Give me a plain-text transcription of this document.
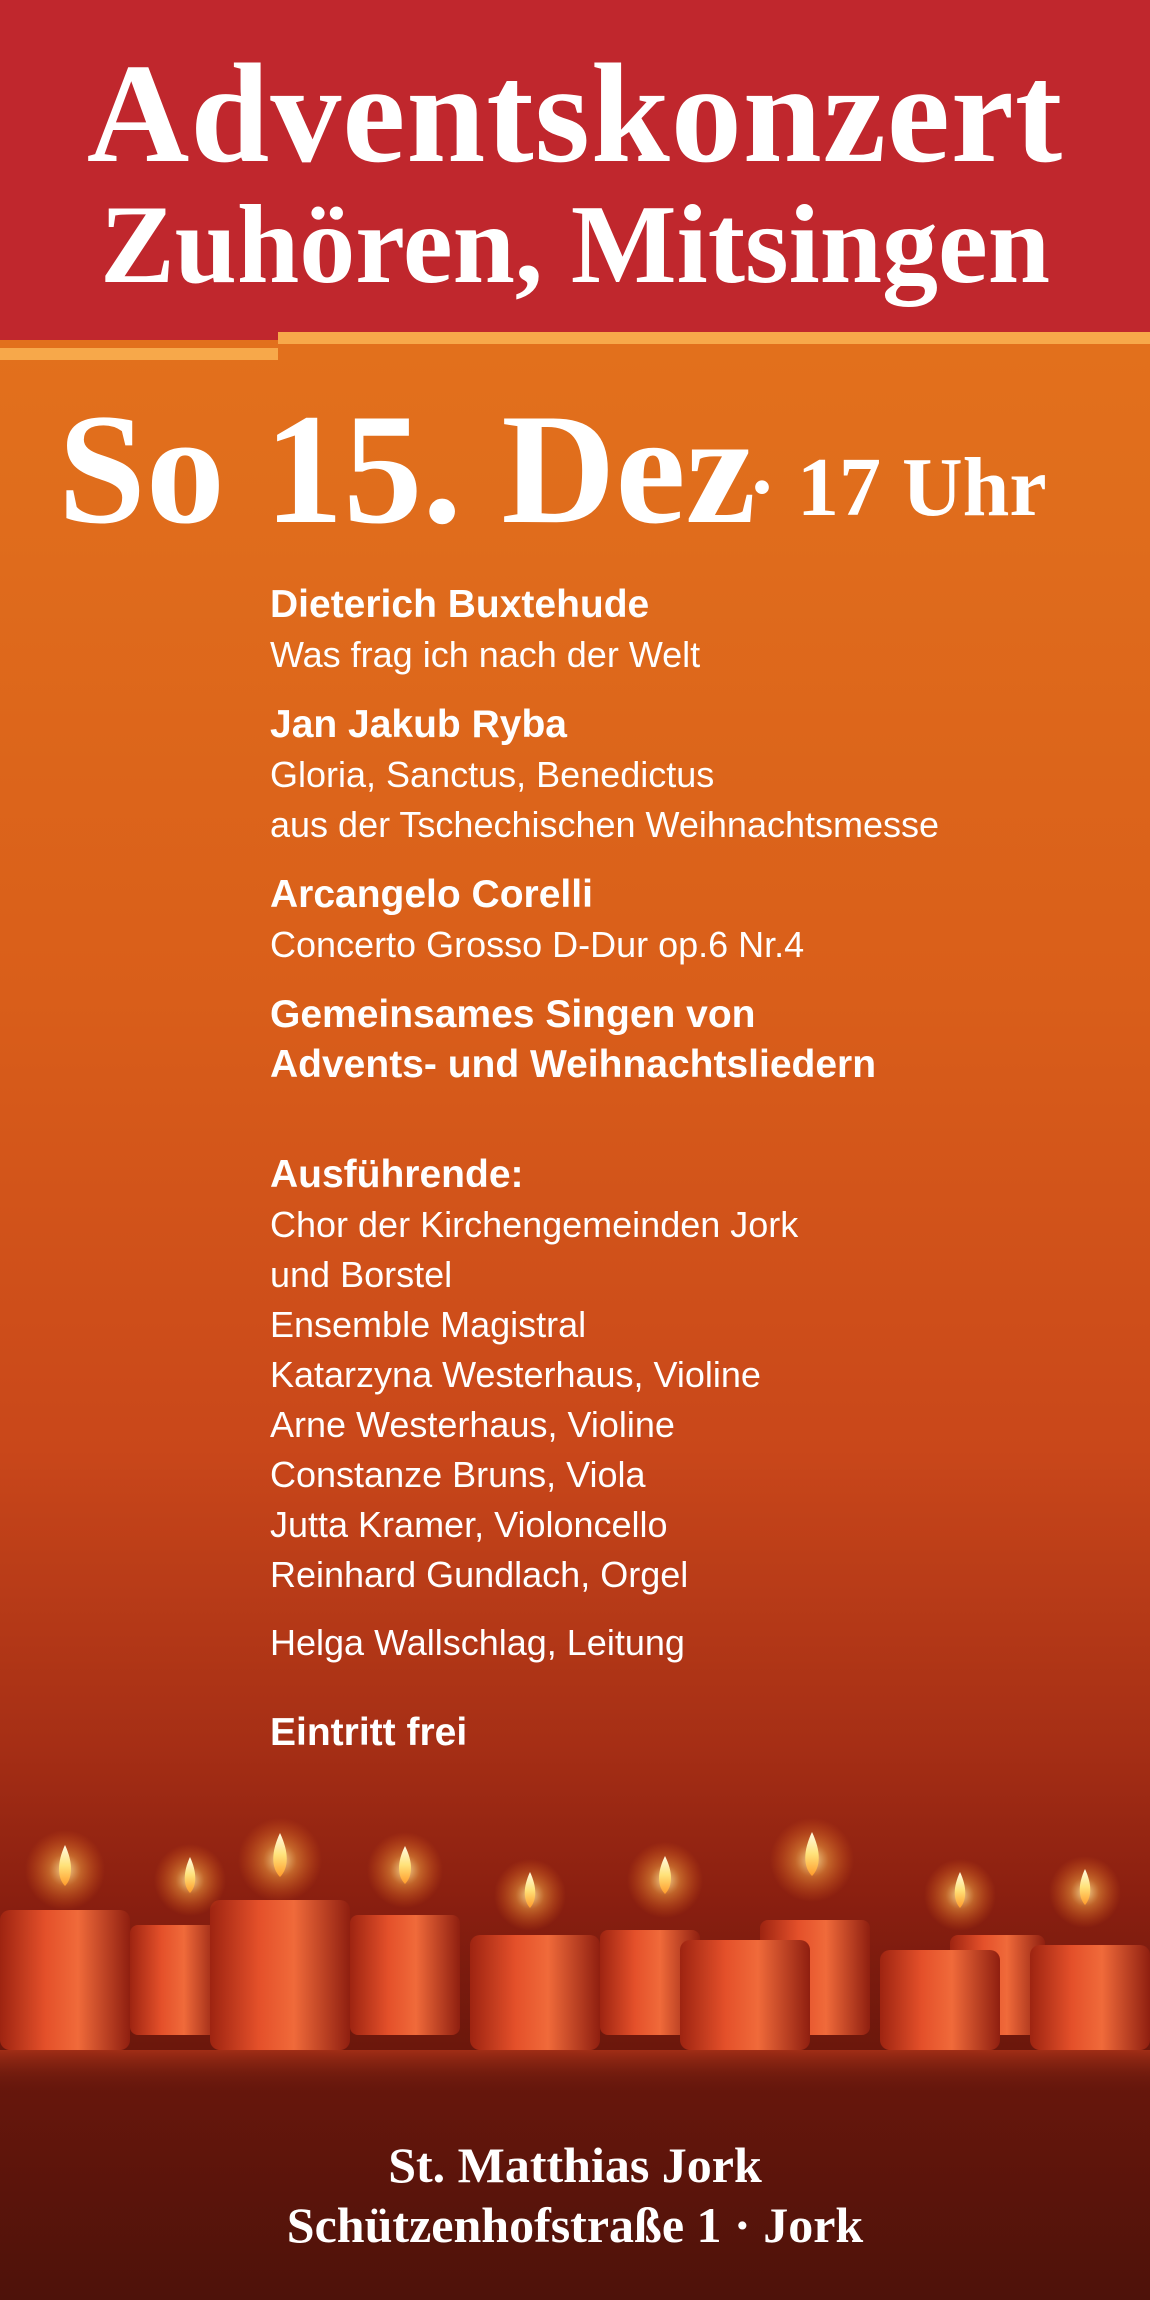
Adventskonzert
Zuhören, Mitsingen
So 15. Dez
· 17 Uhr

Dieterich Buxtehude

Was frag ich nach der Welt

Jan Jakub Ryba

Gloria, Sanctus, Benedictus

aus der Tschechischen Weihnachtsmesse

Arcangelo Corelli

Concerto Grosso D-Dur op.6 Nr.4

Gemeinsames Singen von

Advents- und Weihnachtsliedern

Ausführende:

Chor der Kirchengemeinden Jork

und Borstel

Ensemble Magistral

Katarzyna Westerhaus, Violine

Arne Westerhaus, Violine

Constanze Bruns, Viola

Jutta Kramer, Violoncello

Reinhard Gundlach, Orgel

Helga Wallschlag, Leitung

Eintritt frei

St. Matthias Jork

Schützenhofstraße 1 · Jork
